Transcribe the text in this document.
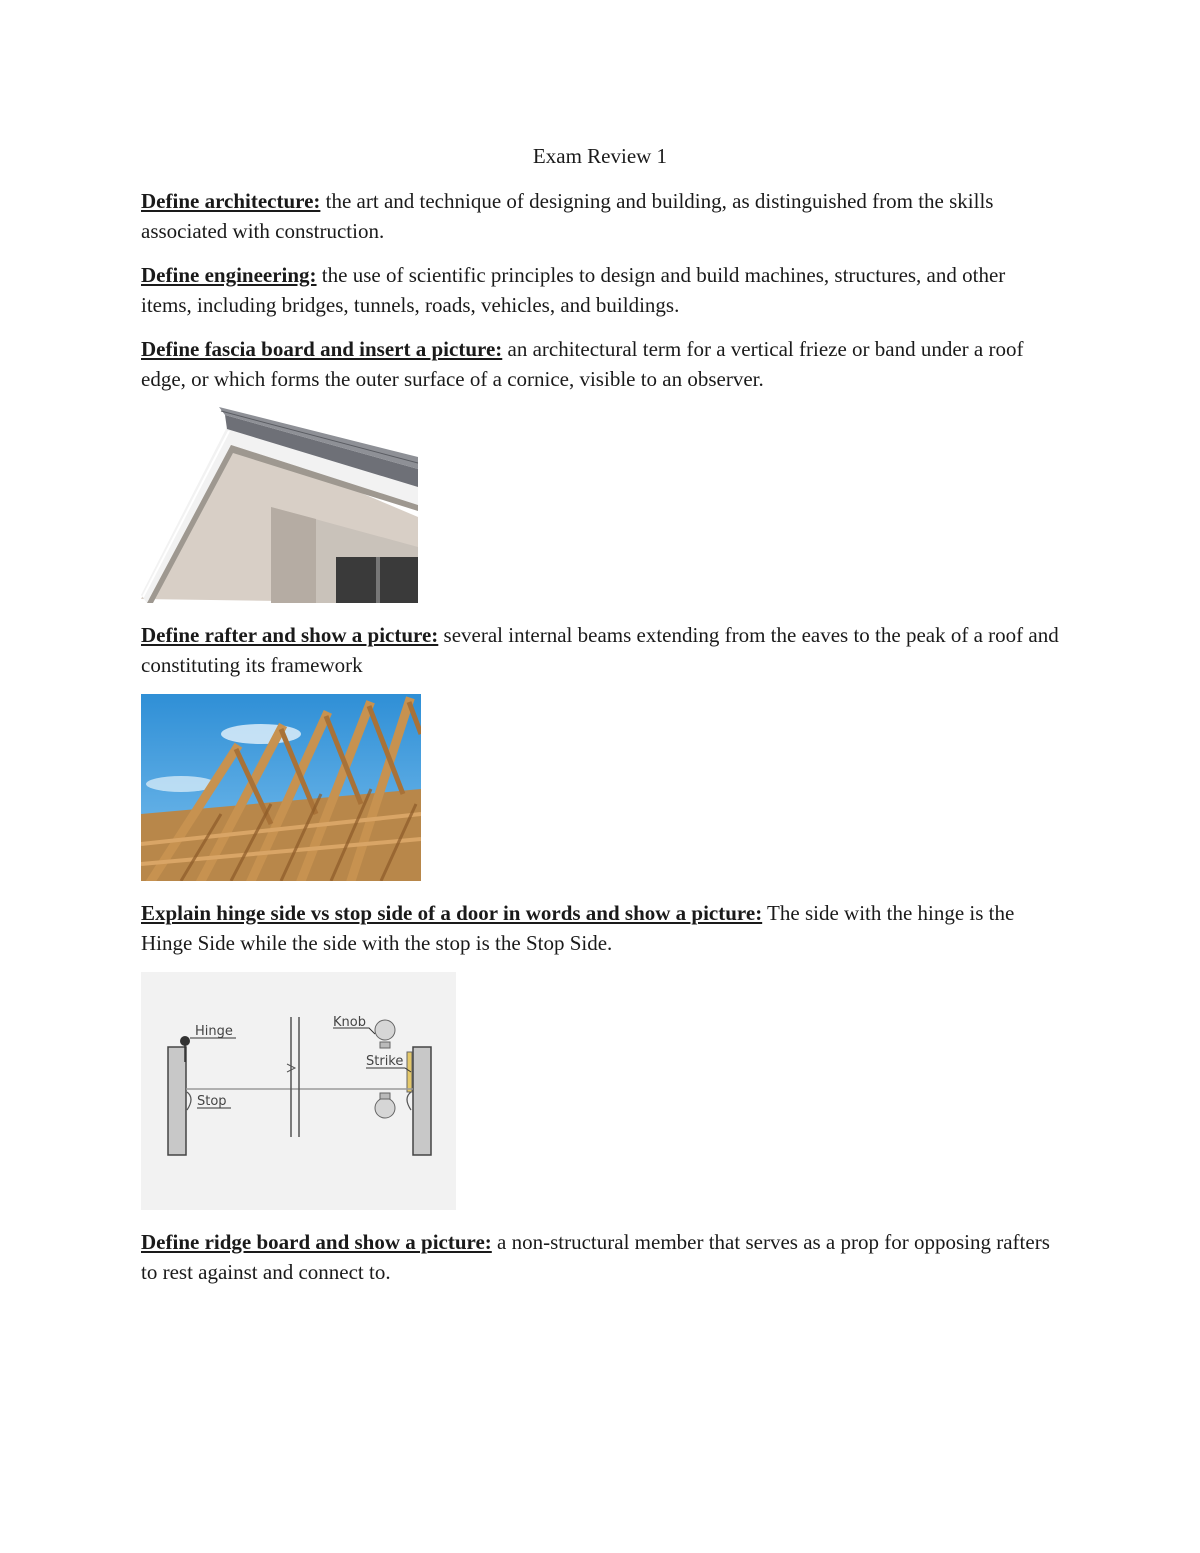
Exam Review 1

Define architecture: the art and technique of designing and building, as distinguished from the skills associated with construction.

Define engineering: the use of scientific principles to design and build machines, structures, and other items, including bridges, tunnels, roads, vehicles, and buildings.

Define fascia board and insert a picture: an architectural term for a vertical frieze or band under a roof edge, or which forms the outer surface of a cornice, visible to an observer.

Define rafter and show a picture: several internal beams extending from the eaves to the peak of a roof and constituting its framework

Explain hinge side vs stop side of a door in words and show a picture: The side with the hinge is the Hinge Side while the side with the stop is the Stop Side.

Hinge
Knob
Strike
Stop

Define ridge board and show a picture: a non-structural member that serves as a prop for opposing rafters to rest against and connect to.
